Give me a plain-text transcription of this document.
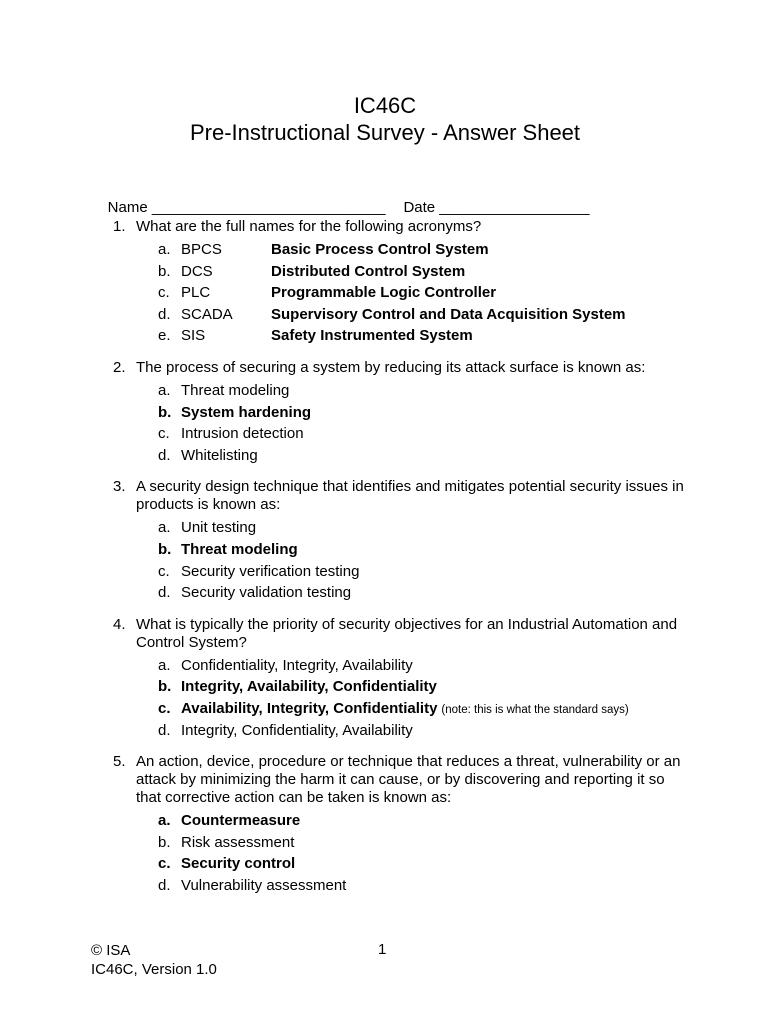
IC46C
Pre-Instructional Survey - Answer Sheet

Name ____________________________ Date __________________

1. What are the full names for the following acronyms?
a. BPCS	Basic Process Control System
b. DCS	Distributed Control System
c. PLC	Programmable Logic Controller
d. SCADA	Supervisory Control and Data Acquisition System
e. SIS	Safety Instrumented System
2. The process of securing a system by reducing its attack surface is known as:
a. Threat modeling
b. System hardening
c. Intrusion detection
d. Whitelisting
3. A security design technique that identifies and mitigates potential security issues in products is known as:
a. Unit testing
b. Threat modeling
c. Security verification testing
d. Security validation testing
4. What is typically the priority of security objectives for an Industrial Automation and Control System?
a. Confidentiality, Integrity, Availability
b. Integrity, Availability, Confidentiality
c. Availability, Integrity, Confidentiality (note: this is what the standard says)
d. Integrity, Confidentiality, Availability
5. An action, device, procedure or technique that reduces a threat, vulnerability or an attack by minimizing the harm it can cause, or by discovering and reporting it so that corrective action can be taken is known as:
a. Countermeasure
b. Risk assessment
c. Security control
d. Vulnerability assessment
© ISA
IC46C, Version 1.0
1
